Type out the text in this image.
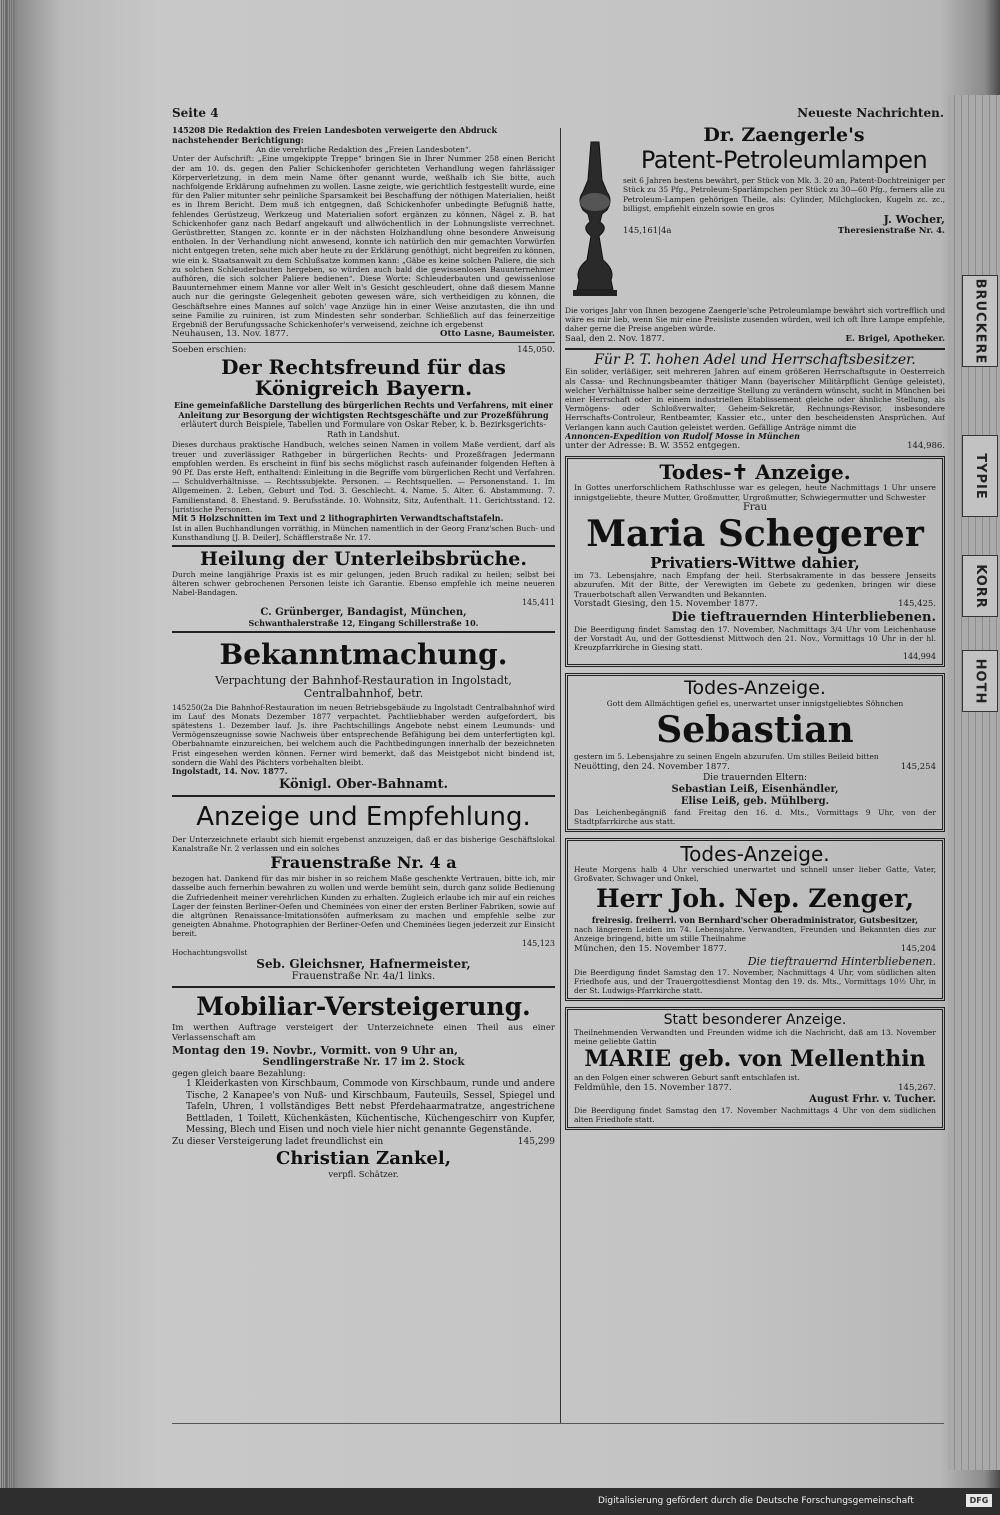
BRUCKERE
TYPIE
KORR
HOTH
Seite 4	Neueste Nachrichten.

145208 Die Redaktion des Freien Landesboten verweigerte den Abdruck nachstehender Berichtigung:

An die verehrliche Redaktion des „Freien Landesboten“.

Unter der Aufschrift: „Eine umgekippte Treppe“ bringen Sie in Ihrer Nummer 258 einen Bericht der am 10. ds. gegen den Palier Schickenhofer gerichteten Verhandlung wegen fahrlässiger Körperverletzung, in dem mein Name öfter genannt wurde, weßhalb ich Sie bitte, auch nachfolgende Erklärung aufnehmen zu wollen. Lasne zeigte, wie gerichtlich festgestellt wurde, eine für den Palier mitunter sehr peinliche Sparsamkeit bei Beschaffung der nöthigen Materialien, heißt es in Ihrem Bericht. Dem muß ich entgegnen, daß Schickenhofer unbedingte Befugniß hatte, fehlendes Gerüstzeug, Werkzeug und Materialien sofort ergänzen zu können, Nägel z. B. hat Schickenhofer ganz nach Bedarf angekauft und allwöchentlich in der Lohnungsliste verrechnet. Gerüstbretter, Stangen zc. konnte er in der nächsten Holzhandlung ohne besondere Anweisung entholen. In der Verhandlung nicht anwesend, konnte ich natürlich den mir gemachten Vorwürfen nicht entgegen treten, sehe mich aber heute zu der Erklärung genöthigt, nicht begreifen zu können, wie ein k. Staatsanwalt zu dem Schlußsatze kommen kann: „Gäbe es keine solchen Paliere, die sich zu solchen Schleuderbauten hergeben, so würden auch bald die gewissenlosen Bauunternehmer aufhören, die sich solcher Paliere bedienen“. Diese Worte: Schleuderbauten und gewissenlose Bauunternehmer einem Manne vor aller Welt in's Gesicht geschleudert, ohne daß diesem Manne auch nur die geringste Gelegenheit geboten gewesen wäre, sich vertheidigen zu können, die Geschäftsehre eines Mannes auf solch' vage Anzüge hin in einer Weise anzutasten, die ihn und seine Familie zu ruiniren, ist zum Mindesten sehr sonderbar. Schließlich auf das feinerzeitige Ergebniß der Berufungssache Schickenhofer's verweisend, zeichne ich ergebenst

Neuhausen, 13. Nov. 1877.	Otto Lasne, Baumeister.
Soeben erschien:	145,050.

Der Rechtsfreund für das Königreich Bayern.

Eine gemeinfaßliche Darstellung des bürgerlichen Rechts und Verfahrens, mit einer Anleitung zur Besorgung der wichtigsten Rechtsgeschäfte und zur Prozeßführung

erläutert durch Beispiele, Tabellen und Formulare von Oskar Reber, k. b. Bezirksgerichts-Rath in Landshut.

Dieses durchaus praktische Handbuch, welches seinen Namen in vollem Maße verdient, darf als treuer und zuverlässiger Rathgeber in bürgerlichen Rechts- und Prozeßfragen Jedermann empfohlen werden. Es erscheint in fünf bis sechs möglichst rasch aufeinander folgenden Heften à 90 Pf. Das erste Heft, enthaltend: Einleitung in die Begriffe vom bürgerlichen Recht und Verfahren. — Schuldverhältnisse. — Rechtssubjekte. Personen. — Rechtsquellen. — Personenstand. 1. Im Allgemeinen. 2. Leben, Geburt und Tod. 3. Geschlecht. 4. Name. 5. Alter. 6. Abstammung. 7. Familienstand. 8. Ehestand. 9. Berufsstände. 10. Wohnsitz, Sitz, Aufenthalt. 11. Gerichtsstand. 12. Juristische Personen.

Mit 5 Holzschnitten im Text und 2 lithographirten Verwandtschaftstafeln.

Ist in allen Buchhandlungen vorräthig, in München namentlich in der Georg Franz'schen Buch- und Kunsthandlung [J. B. Deiler], Schäfflerstraße Nr. 17.

Heilung der Unterleibsbrüche.

Durch meine langjährige Praxis ist es mir gelungen, jeden Bruch radikal zu heilen; selbst bei älteren schwer gebrochenen Personen leiste ich Garantie. Ebenso empfehle ich meine neueren Nabel-Bandagen.

145,411

C. Grünberger, Bandagist, München,

Schwanthalerstraße 12, Eingang Schillerstraße 10.

Bekanntmachung.

Verpachtung der Bahnhof-Restauration in Ingolstadt, Centralbahnhof, betr.

145250(2a Die Bahnhof-Restauration im neuen Betriebsgebäude zu Ingolstadt Centralbahnhof wird im Lauf des Monats Dezember 1877 verpachtet. Pachtliebhaber werden aufgefordert, bis spätestens 1. Dezember lauf. Js. ihre Pachtschillings Angebote nebst einem Leumunds- und Vermögenszeugnisse sowie Nachweis über entsprechende Befähigung bei dem unterfertigten kgl. Oberbahnamte einzureichen, bei welchem auch die Pachtbedingungen innerhalb der bezeichneten Frist eingesehen werden können. Ferner wird bemerkt, daß das Meistgebot nicht bindend ist, sondern die Wahl des Pächters vorbehalten bleibt.

Ingolstadt, 14. Nov. 1877.

Königl. Ober-Bahnamt.

Anzeige und Empfehlung.

Der Unterzeichnete erlaubt sich hiemit ergebenst anzuzeigen, daß er das bisherige Geschäftslokal Kanalstraße Nr. 2 verlassen und ein solches

Frauenstraße Nr. 4 a

bezogen hat. Dankend für das mir bisher in so reichem Maße geschenkte Vertrauen, bitte ich, mir dasselbe auch fernerhin bewahren zu wollen und werde bemüht sein, durch ganz solide Bedienung die Zufriedenheit meiner verehrlichen Kunden zu erhalten. Zugleich erlaube ich mir auf ein reiches Lager der feinsten Berliner-Oefen und Cheminées von einer der ersten Berliner Fabriken, sowie auf die altgrünen Renaissance-Imitationsöfen aufmerksam zu machen und empfehle selbe zur geneigten Abnahme. Photographien der Berliner-Oefen und Cheminées liegen jederzeit zur Einsicht bereit.

145,123

Hochachtungsvollst

Seb. Gleichsner, Hafnermeister,

Frauenstraße Nr. 4a/1 links.

Mobiliar-Versteigerung.

Im werthen Auftrage versteigert der Unterzeichnete einen Theil aus einer Verlassenschaft am

Montag den 19. Novbr., Vormitt. von 9 Uhr an,

Sendlingerstraße Nr. 17 im 2. Stock

gegen gleich baare Bezahlung:

1 Kleiderkasten von Kirschbaum, Commode von Kirschbaum, runde und andere Tische, 2 Kanapee's von Nuß- und Kirschbaum, Fauteuils, Sessel, Spiegel und Tafeln, Uhren, 1 vollständiges Bett nebst Pferdehaarmatratze, angestrichene Bettladen, 1 Toilett, Küchenkästen, Küchentische, Küchengeschirr von Kupfer, Messing, Blech und Eisen und noch viele hier nicht genannte Gegenstände.

Zu dieser Versteigerung ladet freundlichst ein	145,299

Christian Zankel,

verpfl. Schätzer.

Dr. Zaengerle's

Patent-Petroleumlampen

seit 6 Jahren bestens bewährt, per Stück von Mk. 3. 20 an, Patent-Dochtreiniger per Stück zu 35 Pfg., Petroleum-Sparlämpchen per Stück zu 30—60 Pfg., ferners alle zu Petroleum-Lampen gehörigen Theile, als: Cylinder, Milchglocken, Kugeln zc. zc., billigst, empfiehlt einzeln sowie en gros

J. Wocher,

145,161|4a	Theresienstraße Nr. 4.

Die voriges Jahr von Ihnen bezogene Zaengerle'sche Petroleumlampe bewährt sich vortrefflich und wäre es mir lieb, wenn Sie mir eine Preisliste zusenden würden, weil ich oft Ihre Lampe empfehle, daher gerne die Preise angeben würde.

Saal, den 2. Nov. 1877.	E. Brigel, Apotheker.

Für P. T. hohen Adel und Herrschaftsbesitzer.

Ein solider, verläßiger, seit mehreren Jahren auf einem größeren Herrschaftsgute in Oesterreich als Cassa- und Rechnungsbeamter thätiger Mann (bayerischer Militärpflicht Genüge geleistet), welcher Verhältnisse halber seine derzeitige Stellung zu verändern wünscht, sucht in München bei einer Herrschaft oder in einem industriellen Etablissement gleiche oder ähnliche Stellung, als Vermögens- oder Schloßverwalter, Geheim-Sekretär, Rechnungs-Revisor, insbesondere Herrschafts-Controleur, Rentbeamter, Kassier etc., unter den bescheidensten Ansprüchen. Auf Verlangen kann auch Caution geleistet werden. Gefällige Anträge nimmt die

Annoncen-Expedition von Rudolf Mosse in München

unter der Adresse: B. W. 3552 entgegen.	144,986.

Todes-✝ Anzeige.

In Gottes unerforschlichem Rathschlusse war es gelegen, heute Nachmittags 1 Uhr unsere innigstgeliebte, theure Mutter, Großmutter, Urgroßmutter, Schwiegermutter und Schwester

Frau

Maria Schegerer

Privatiers-Wittwe dahier,

im 73. Lebensjahre, nach Empfang der heil. Sterbsakramente in das bessere Jenseits abzurufen. Mit der Bitte, der Verewigten im Gebete zu gedenken, bringen wir diese Trauerbotschaft allen Verwandten und Bekannten.

Vorstadt Giesing, den 15. November 1877.	145,425.

Die tieftrauernden Hinterbliebenen.

Die Beerdigung findet Samstag den 17. November, Nachmittags 3/4 Uhr vom Leichenhause der Vorstadt Au, und der Gottesdienst Mittwoch den 21. Nov., Vormittags 10 Uhr in der hl. Kreuzpfarrkirche in Giesing statt.

144,994

Todes-Anzeige.

Gott dem Allmächtigen gefiel es, unerwartet unser innigstgeliebtes Söhnchen

Sebastian

gestern im 5. Lebensjahre zu seinen Engeln abzurufen. Um stilles Beileid bitten

Neuötting, den 24. November 1877.	145,254

Die trauernden Eltern:

Sebastian Leiß, Eisenhändler,

Elise Leiß, geb. Mühlberg.

Das Leichenbegängniß fand Freitag den 16. d. Mts., Vormittags 9 Uhr, von der Stadtpfarrkirche aus statt.

Todes-Anzeige.

Heute Morgens halb 4 Uhr verschied unerwartet und schnell unser lieber Gatte, Vater, Großvater, Schwager und Onkel,

Herr Joh. Nep. Zenger,

freiresig. freiherrl. von Bernhard'scher Oberadministrator, Gutsbesitzer,

nach längerem Leiden im 74. Lebensjahre. Verwandten, Freunden und Bekannten dies zur Anzeige bringend, bitte um stille Theilnahme

München, den 15. November 1877.	145,204

Die tieftrauernd Hinterbliebenen.

Die Beerdigung findet Samstag den 17. November, Nachmittags 4 Uhr, vom südlichen alten Friedhofe aus, und der Trauergottesdienst Montag den 19. ds. Mts., Vormittags 10½ Uhr, in der St. Ludwigs-Pfarrkirche statt.

Statt besonderer Anzeige.

Theilnehmenden Verwandten und Freunden widme ich die Nachricht, daß am 13. November meine geliebte Gattin

MARIE geb. von Mellenthin

an den Folgen einer schweren Geburt sanft entschlafen ist.

Feldmühle, den 15. November 1877.	145,267.

August Frhr. v. Tucher.

Die Beerdigung findet Samstag den 17. November Nachmittags 4 Uhr von dem südlichen alten Friedhofe statt.

Digitalisierung gefördert durch die Deutsche Forschungsgemeinschaft	DFG
